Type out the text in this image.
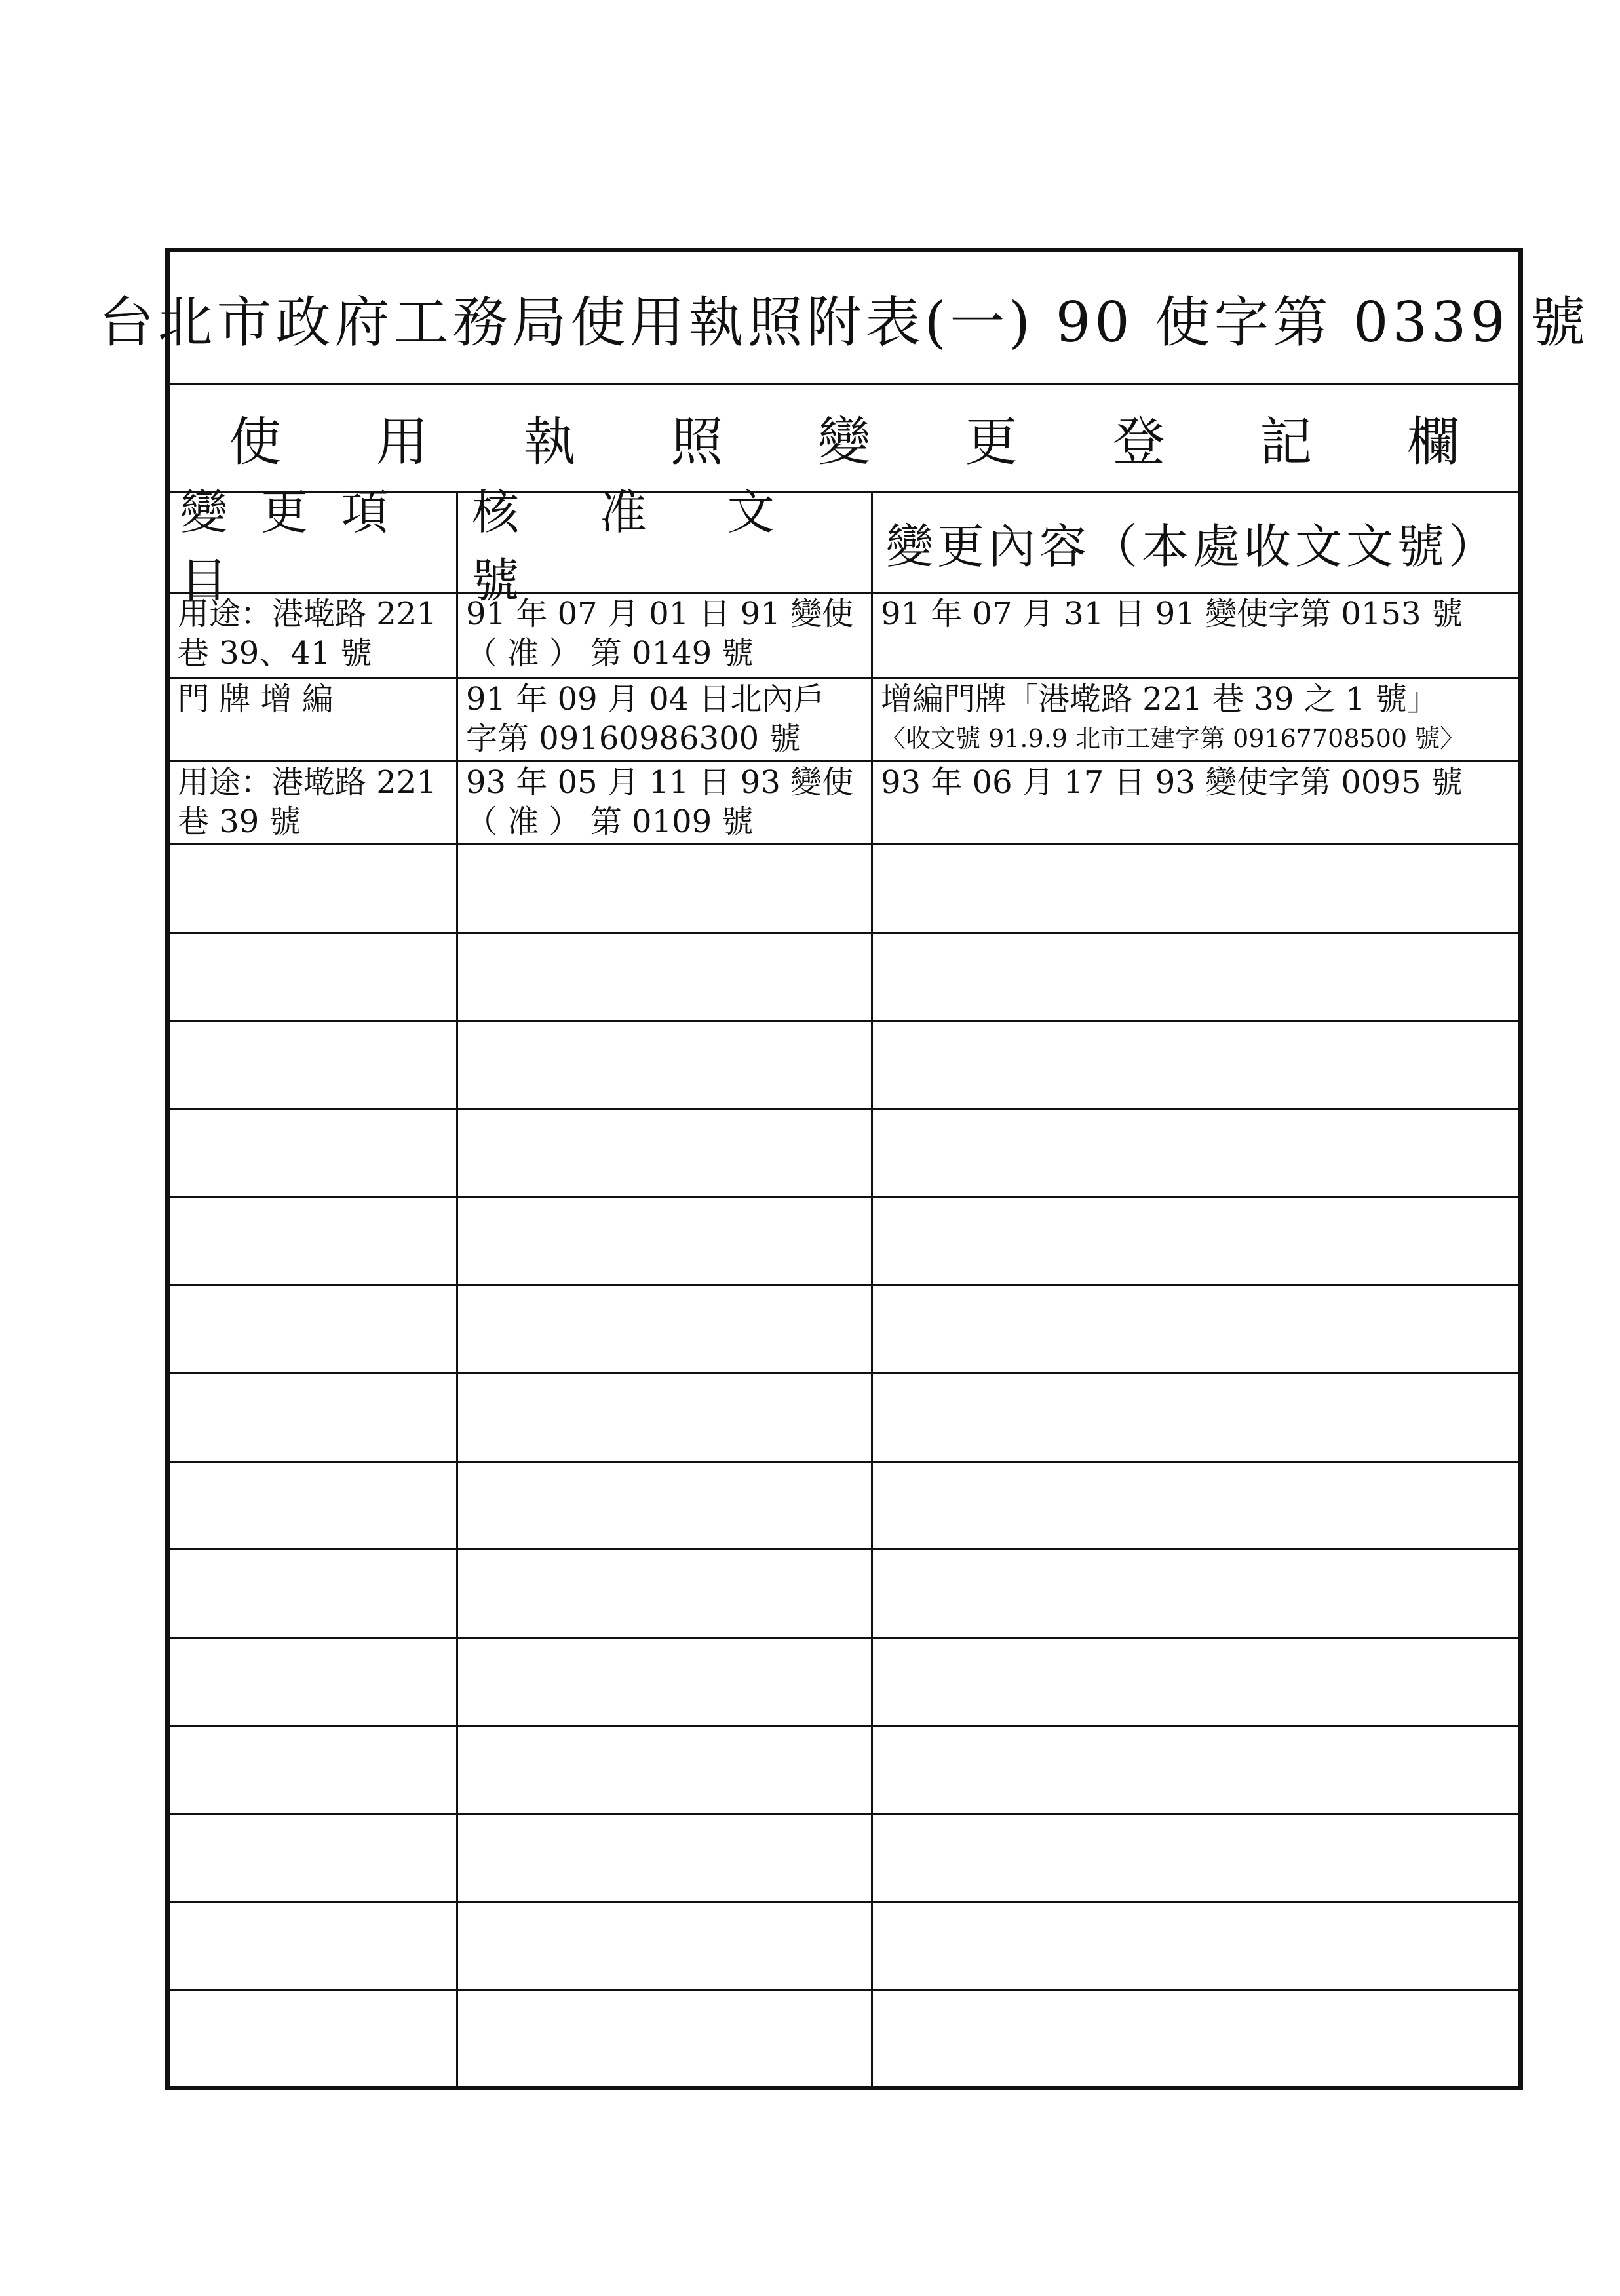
台北市政府工務局使用執照附表(一) 90 使字第 0339 號
使 用 執 照 變 更 登 記 欄
變 更 項 目
核 准 文 號
變更內容（本處收文文號）
用途：港墘路 221
巷 39、41 號
91 年 07 月 01 日 91 變使
（ 准 ） 第 0149 號
91 年 07 月 31 日 91 變使字第 0153 號
門 牌 增 編	91 年 09 月 04 日北內戶
字第 09160986300 號
增編門牌「港墘路 221 巷 39 之 1 號」
〈收文號 91.9.9 北市工建字第 09167708500 號〉
用途：港墘路 221
巷 39 號
93 年 05 月 11 日 93 變使
（ 准 ） 第 0109 號
93 年 06 月 17 日 93 變使字第 0095 號
